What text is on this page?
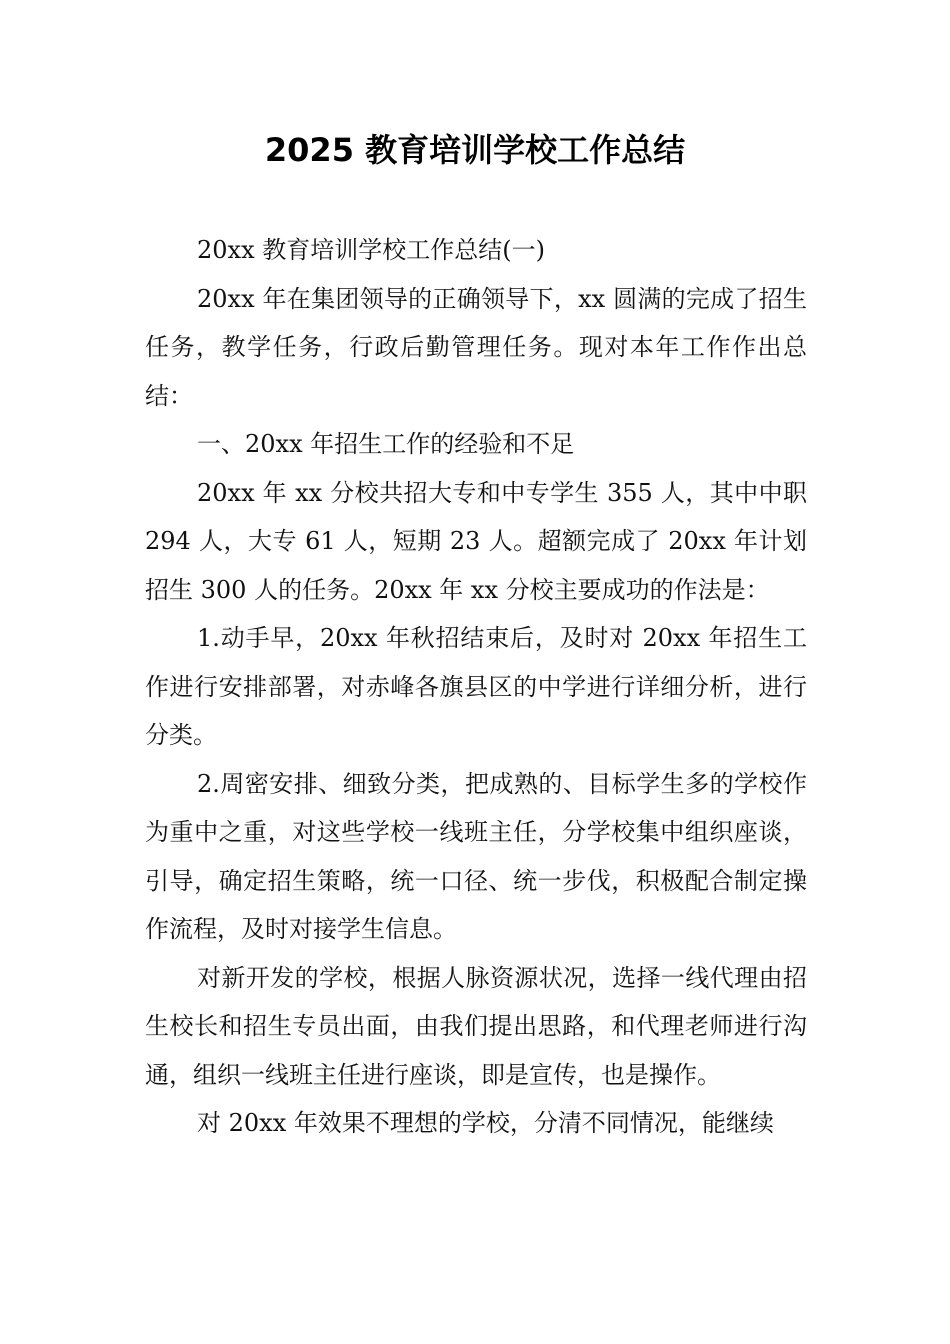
2025 教育培训学校工作总结

20xx 教育培训学校工作总结(一)

20xx 年在集团领导的正确领导下，xx 圆满的完成了招生任务，教学任务，行政后勤管理任务。现对本年工作作出总结：

一、20xx 年招生工作的经验和不足

20xx 年 xx 分校共招大专和中专学生 355 人，其中中职 294 人，大专 61 人，短期 23 人。超额完成了 20xx 年计划招生 300 人的任务。20xx 年 xx 分校主要成功的作法是：

1.动手早，20xx 年秋招结束后，及时对 20xx 年招生工作进行安排部署，对赤峰各旗县区的中学进行详细分析，进行分类。

2.周密安排、细致分类，把成熟的、目标学生多的学校作为重中之重，对这些学校一线班主任，分学校集中组织座谈，引导，确定招生策略，统一口径、统一步伐，积极配合制定操作流程，及时对接学生信息。

对新开发的学校，根据人脉资源状况，选择一线代理由招生校长和招生专员出面，由我们提出思路，和代理老师进行沟通，组织一线班主任进行座谈，即是宣传，也是操作。

对 20xx 年效果不理想的学校，分清不同情况，能继续
